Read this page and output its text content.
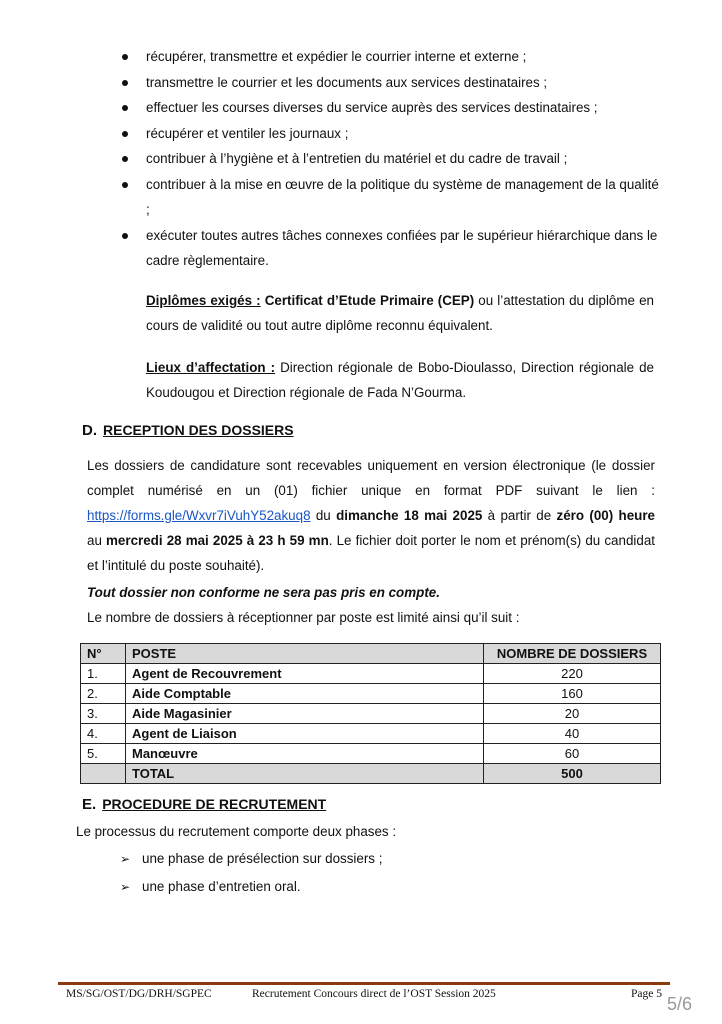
récupérer, transmettre et expédier le courrier interne et externe ;
transmettre le courrier et les documents aux services destinataires ;
effectuer les courses diverses du service auprès des services destinataires ;
récupérer et ventiler les journaux ;
contribuer à l’hygiène et à l’entretien du matériel et du cadre de travail ;
contribuer à la mise en œuvre de la politique du système de management de la qualité ;
exécuter toutes autres tâches connexes confiées par le supérieur hiérarchique dans le cadre règlementaire.
Diplômes exigés : Certificat d’Etude Primaire (CEP) ou l’attestation du diplôme en cours de validité ou tout autre diplôme reconnu équivalent.
Lieux d’affectation : Direction régionale de Bobo-Dioulasso, Direction régionale de Koudougou et Direction régionale de Fada N’Gourma.
D. RECEPTION DES DOSSIERS
Les dossiers de candidature sont recevables uniquement en version électronique (le dossier complet numérisé en un (01) fichier unique en format PDF suivant le lien : https://forms.gle/Wxvr7iVuhY52akuq8 du dimanche 18 mai 2025 à partir de zéro (00) heure au mercredi 28 mai 2025 à 23 h 59 mn. Le fichier doit porter le nom et prénom(s) du candidat et l’intitulé du poste souhaité).
Tout dossier non conforme ne sera pas pris en compte.
Le nombre de dossiers à réceptionner par poste est limité ainsi qu’il suit :
N°	POSTE	NOMBRE DE DOSSIERS
1.	Agent de Recouvrement	220
2.	Aide Comptable	160
3.	Aide Magasinier	20
4.	Agent de Liaison	40
5.	Manœuvre	60
	TOTAL	500
E. PROCEDURE DE RECRUTEMENT
Le processus du recrutement comporte deux phases :
➢ une phase de présélection sur dossiers ;
➢ une phase d’entretien oral.
MS/SG/OST/DG/DRH/SGPEC	Recrutement Concours direct de l’OST Session 2025	Page 5 5/6
